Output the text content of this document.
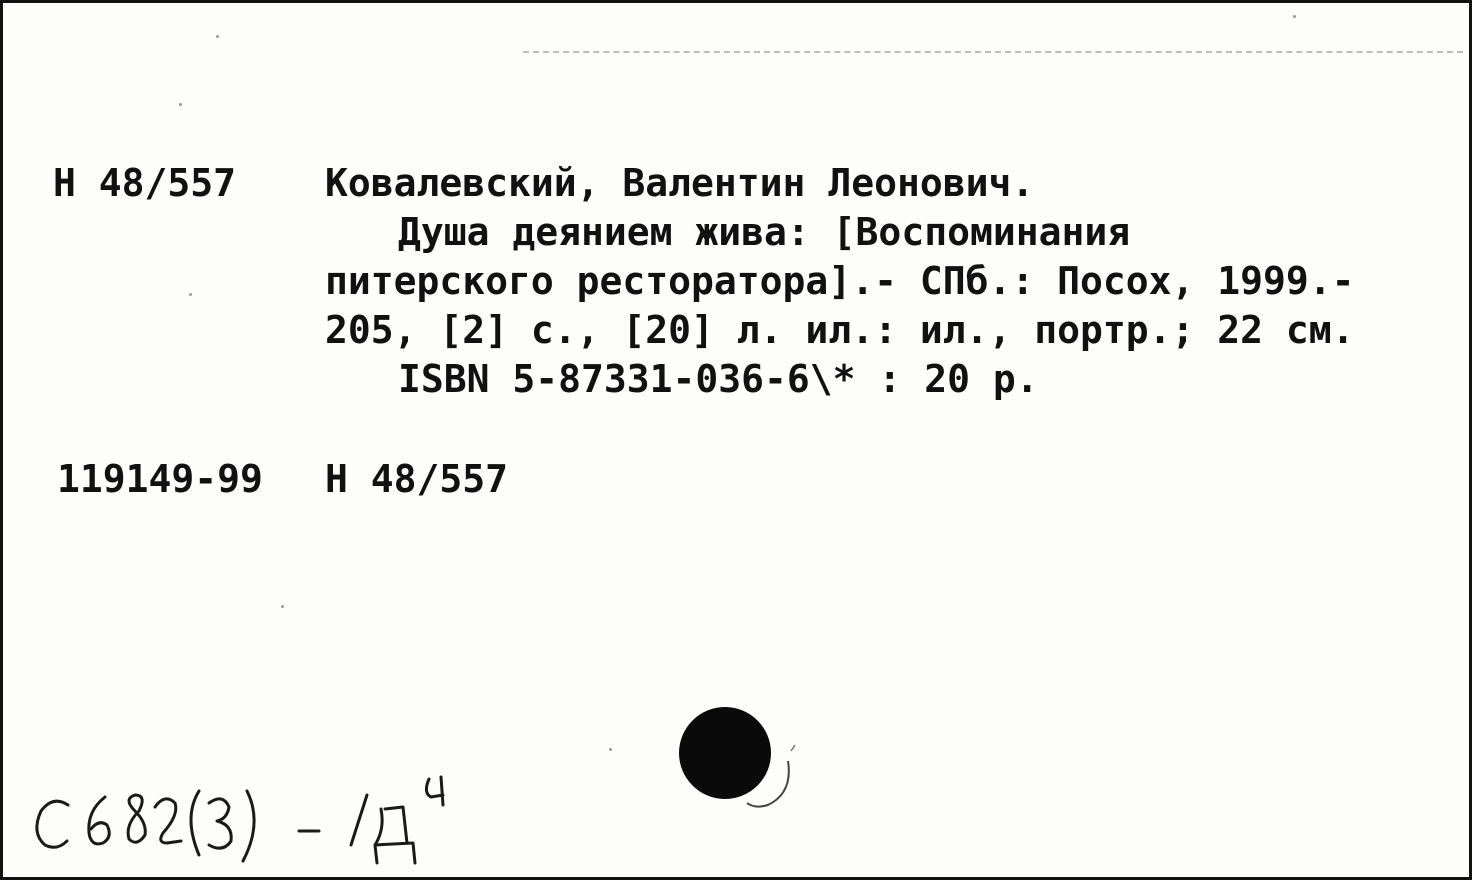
Н 48/557 Ковалевский, Валентин Леонович.
Душа деянием жива: [Воспоминания
питерского ресторатора].- СПб.: Посох, 1999.-
205, [2] с., [20] л. ил.: ил., портр.; 22 см.
ISBN 5-87331-036-6\* : 20 р.
119149-99 Н 48/557
